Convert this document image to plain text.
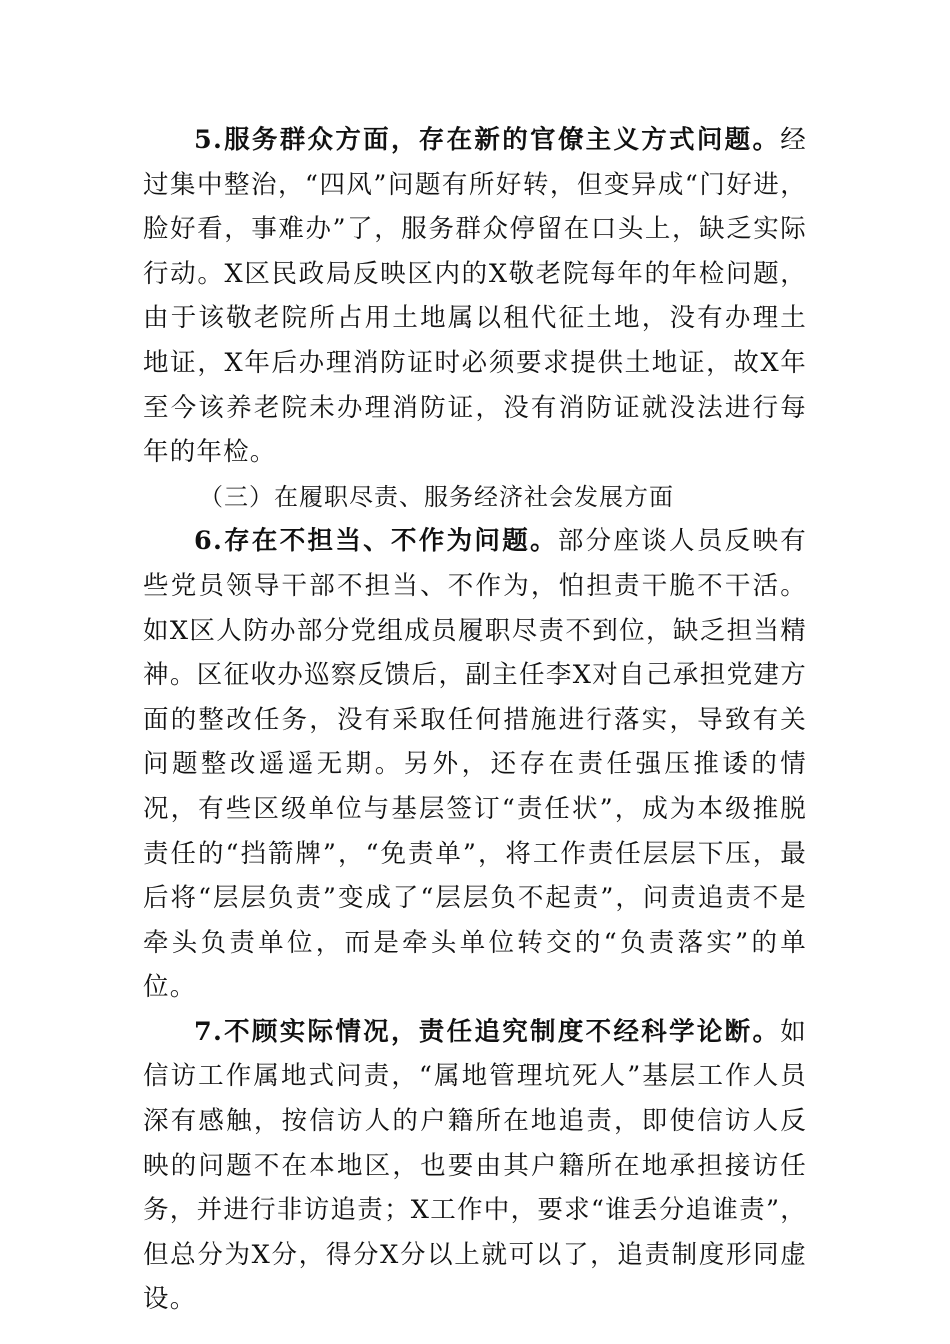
5.服务群众方面，存在新的官僚主义方式问题。经过集中整治，“四风”问题有所好转，但变异成“门好进，脸好看，事难办”了，服务群众停留在口头上，缺乏实际行动。X区民政局反映区内的X敬老院每年的年检问题，由于该敬老院所占用土地属以租代征土地，没有办理土地证，X年后办理消防证时必须要求提供土地证，故X年至今该养老院未办理消防证，没有消防证就没法进行每年的年检。

（三）在履职尽责、服务经济社会发展方面

6.存在不担当、不作为问题。部分座谈人员反映有些党员领导干部不担当、不作为，怕担责干脆不干活。如X区人防办部分党组成员履职尽责不到位，缺乏担当精神。区征收办巡察反馈后，副主任李X对自己承担党建方面的整改任务，没有采取任何措施进行落实，导致有关问题整改遥遥无期。另外，还存在责任强压推诿的情况，有些区级单位与基层签订“责任状”，成为本级推脱责任的“挡箭牌”，“免责单”，将工作责任层层下压，最后将“层层负责”变成了“层层负不起责”，问责追责不是牵头负责单位，而是牵头单位转交的“负责落实”的单位。

7.不顾实际情况，责任追究制度不经科学论断。如信访工作属地式问责，“属地管理坑死人”基层工作人员深有感触，按信访人的户籍所在地追责，即使信访人反映的问题不在本地区，也要由其户籍所在地承担接访任务，并进行非访追责；X工作中，要求“谁丢分追谁责”，但总分为X分，得分X分以上就可以了，追责制度形同虚设。
